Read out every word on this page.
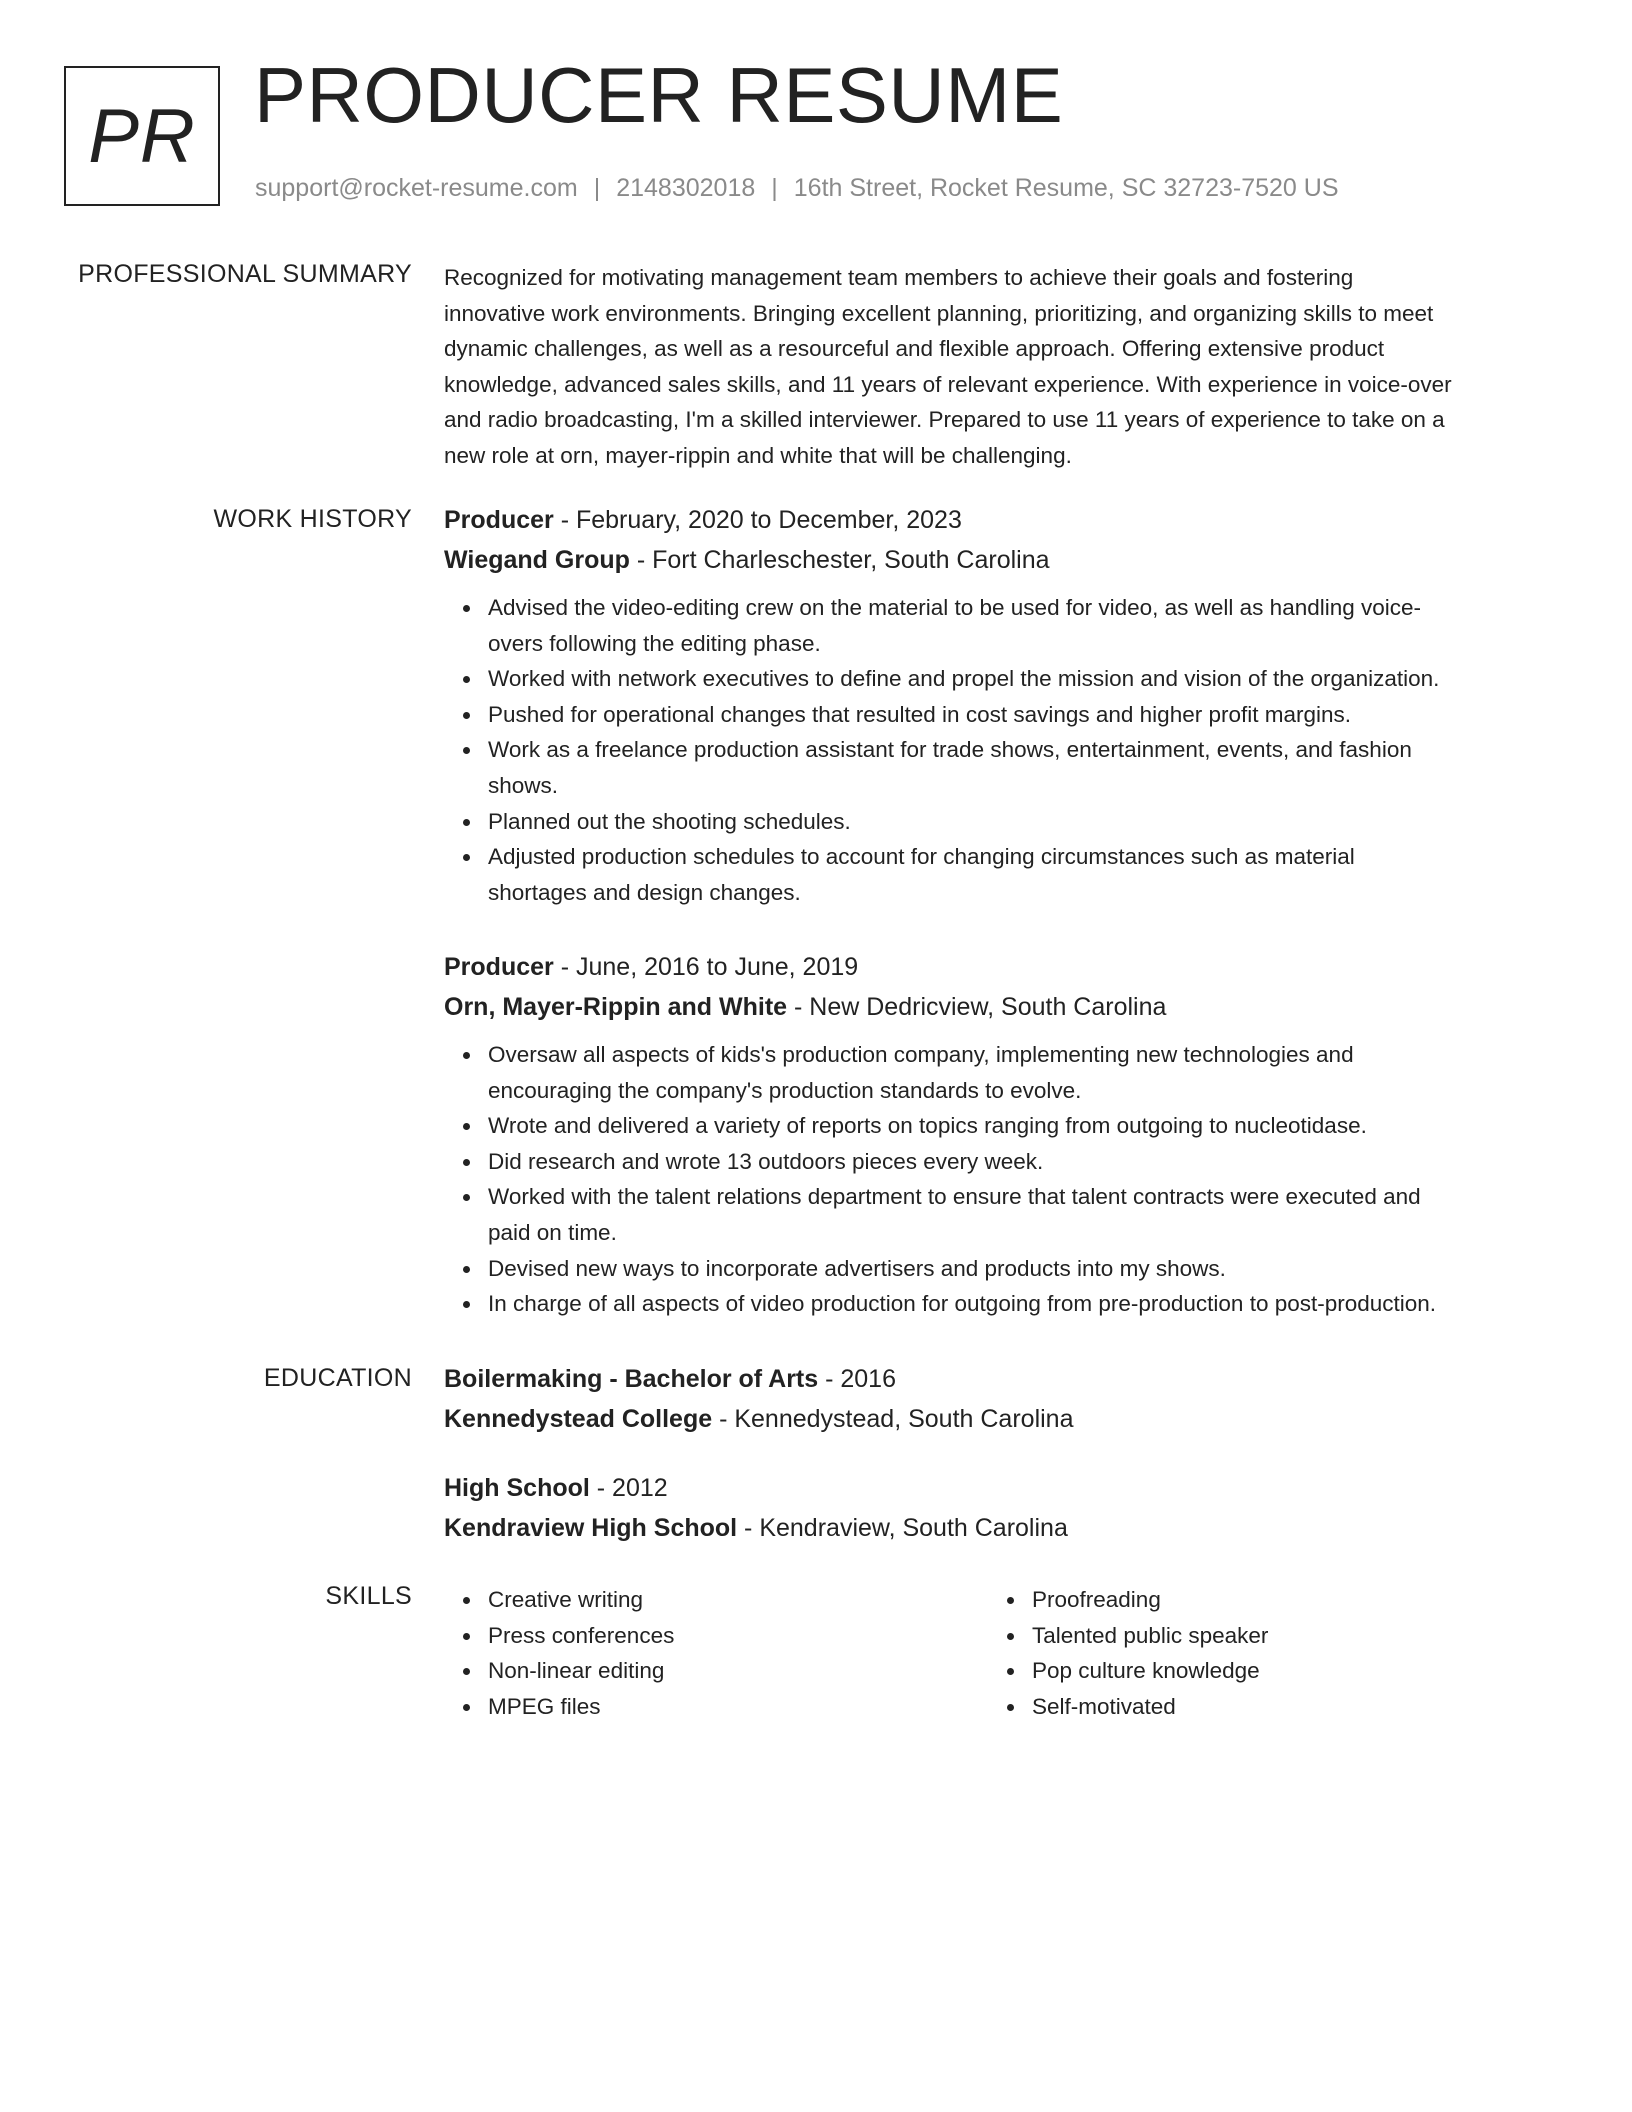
PR PRODUCER RESUME
support@rocket-resume.com | 2148302018 | 16th Street, Rocket Resume, SC 32723-7520 US
PROFESSIONAL SUMMARY Recognized for motivating management team members to achieve their goals and fostering
innovative work environments. Bringing excellent planning, prioritizing, and organizing skills to meet
dynamic challenges, as well as a resourceful and flexible approach. Offering extensive product
knowledge, advanced sales skills, and 11 years of relevant experience. With experience in voice-over
and radio broadcasting, I'm a skilled interviewer. Prepared to use 11 years of experience to take on a
new role at orn, mayer-rippin and white that will be challenging.

WORK HISTORY Producer - February, 2020 to December, 2023

Wiegand Group - Fort Charleschester, South Carolina

Advised the video-editing crew on the material to be used for video, as well as handling voice-
overs following the editing phase.
Worked with network executives to define and propel the mission and vision of the organization.
Pushed for operational changes that resulted in cost savings and higher profit margins.
Work as a freelance production assistant for trade shows, entertainment, events, and fashion
shows.
Planned out the shooting schedules.
Adjusted production schedules to account for changing circumstances such as material
shortages and design changes.

Producer - June, 2016 to June, 2019

Orn, Mayer-Rippin and White - New Dedricview, South Carolina

Oversaw all aspects of kids's production company, implementing new technologies and
encouraging the company's production standards to evolve.
Wrote and delivered a variety of reports on topics ranging from outgoing to nucleotidase.
Did research and wrote 13 outdoors pieces every week.
Worked with the talent relations department to ensure that talent contracts were executed and
paid on time.
Devised new ways to incorporate advertisers and products into my shows.
In charge of all aspects of video production for outgoing from pre-production to post-production.
EDUCATION Boilermaking - Bachelor of Arts - 2016

Kennedystead College - Kennedystead, South Carolina

High School - 2012

Kendraview High School - Kendraview, South Carolina

SKILLS	Creative writing
Press conferences
Non-linear editing
MPEG files
Proofreading
Talented public speaker
Pop culture knowledge
Self-motivated
